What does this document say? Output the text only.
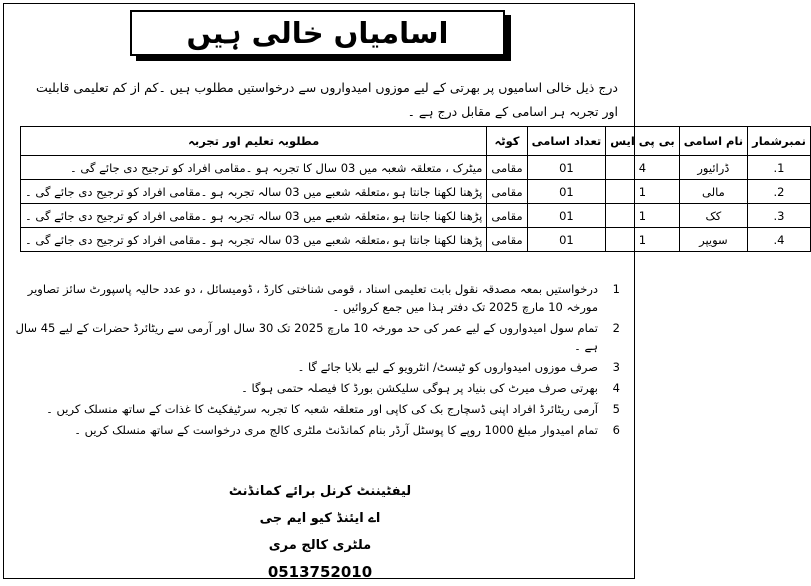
اسامیاں خالی ہیں
درج ذیل خالی اسامیوں پر بھرتی کے لیے موزوں امیدواروں سے درخواستیں مطلوب ہیں ۔کم از کم تعلیمی قابلیت اور تجربہ ہر اسامی کے مقابل درج ہے ۔
نمبرشمار	نام اسامی	بی پی ایس	تعداد اسامی	کوٹہ	مطلوبہ تعلیم اور تجربہ
1.	ڈرائیور	4	01	مقامی	میٹرک ، متعلقہ شعبہ میں 03 سال کا تجربہ ہو ۔مقامی افراد کو ترجیح دی جائے گی ۔
2.	مالی	1	01	مقامی	پڑھنا لکھنا جانتا ہو ،متعلقہ شعبے میں 03 سالہ تجربہ ہو ۔مقامی افراد کو ترجیح دی جائے گی ۔
3.	کک	1	01	مقامی	پڑھنا لکھنا جانتا ہو ،متعلقہ شعبے میں 03 سالہ تجربہ ہو ۔مقامی افراد کو ترجیح دی جائے گی ۔
4.	سویپر	1	01	مقامی	پڑھنا لکھنا جانتا ہو ،متعلقہ شعبے میں 03 سالہ تجربہ ہو ۔مقامی افراد کو ترجیح دی جائے گی ۔
1
درخواستیں بمعہ مصدقہ نقول بابت تعلیمی اسناد ، قومی شناختی کارڈ ، ڈومیسائل ، دو عدد حالیہ پاسپورٹ سائز تصاویر مورخہ 10 مارچ 2025 تک دفتر ہذا میں جمع کروائیں ۔
2
تمام سول امیدواروں کے لیے عمر کی حد مورخہ 10 مارچ 2025 تک 30 سال اور آرمی سے ریٹائرڈ حضرات کے لیے 45 سال ہے ۔
3
صرف موزوں امیدواروں کو ٹیسٹ/ انٹرویو کے لیے بلایا جائے گا ۔
4
بھرتی صرف میرٹ کی بنیاد پر ہوگی سلیکشن بورڈ کا فیصلہ حتمی ہوگا ۔
5
آرمی ریٹائرڈ افراد اپنی ڈسچارج بک کی کاپی اور متعلقہ شعبہ کا تجربہ سرٹیفکیٹ کا غذات کے ساتھ منسلک کریں ۔
6
تمام امیدوار مبلغ 1000 روپے کا پوسٹل آرڈر بنام کمانڈنٹ ملٹری کالج مری درخواست کے ساتھ منسلک کریں ۔
لیفٹیننٹ کرنل برائے کمانڈنٹ
اے ایئنڈ کیو ایم جی
ملٹری کالج مری
0513752010
